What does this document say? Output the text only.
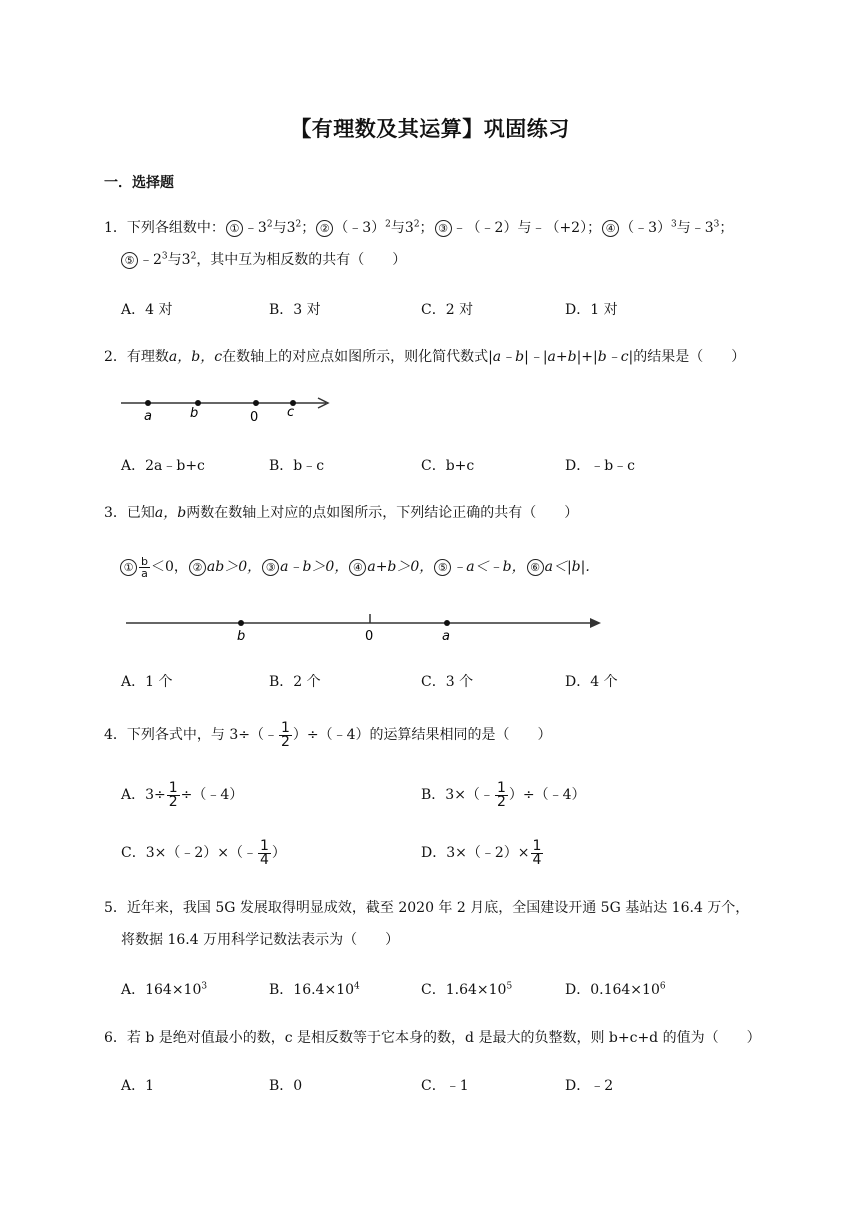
【有理数及其运算】巩固练习
一．选择题
1．下列各组数中： ① $﹣3^2$与$3^2$； ② （﹣3）$^2$与$3^2$； ③ ﹣（﹣2）与﹣（+2）； ④ （﹣3）$^3$与$﹣3^3$；
⑤ $﹣2^3$与$3^2$，其中互为相反数的共有（　　）
A．4 对	B．3 对	C．2 对	D．1 对
2．有理数a，b，c在数轴上的对应点如图所示，则化简代数式|a﹣b|﹣|a+b|+|b﹣c|的结果是（　　）
a	b	0 c
A．2a﹣b+c	B．b﹣c	C．b+c	D．﹣b﹣c
3．已知a，b两数在数轴上对应的点如图所示，下列结论正确的共有（　　）
① $\frac{b}{a} <0$， ② ab＞0， ③ a﹣b＞0， ④ a+b＞0， ⑤ ﹣a＜﹣b， ⑥ a＜|b|.
b	0	a
A．1 个	B．2 个	C．3 个	D．4 个
4．下列各式中，与 3÷（﹣ $\frac{1}{2}$ ）÷（﹣4）的运算结果相同的是（　　）
A．$3\div \frac{1}{2}$ ÷（﹣4）	B．3×（﹣ $\frac{1}{2}$ ）÷（﹣4）
C．3×（﹣2）×（﹣ $\frac{1}{4}$ ）	D．3×（﹣2）× $\frac{1}{4}$
5．近年来，我国 5G 发展取得明显成效，截至 2020 年 2 月底，全国建设开通 5G 基站达 16.4 万个，
将数据 16.4 万用科学记数法表示为（　　）
A．$164\times 10^3$	B．$16.4\times 10^4$	C．$1.64\times 10^5$	D．$0.164\times 10^6$
6．若 b 是绝对值最小的数，c 是相反数等于它本身的数，d 是最大的负整数，则 b+c+d 的值为（　　）
A．1	B．0	C．﹣1	D．﹣2
